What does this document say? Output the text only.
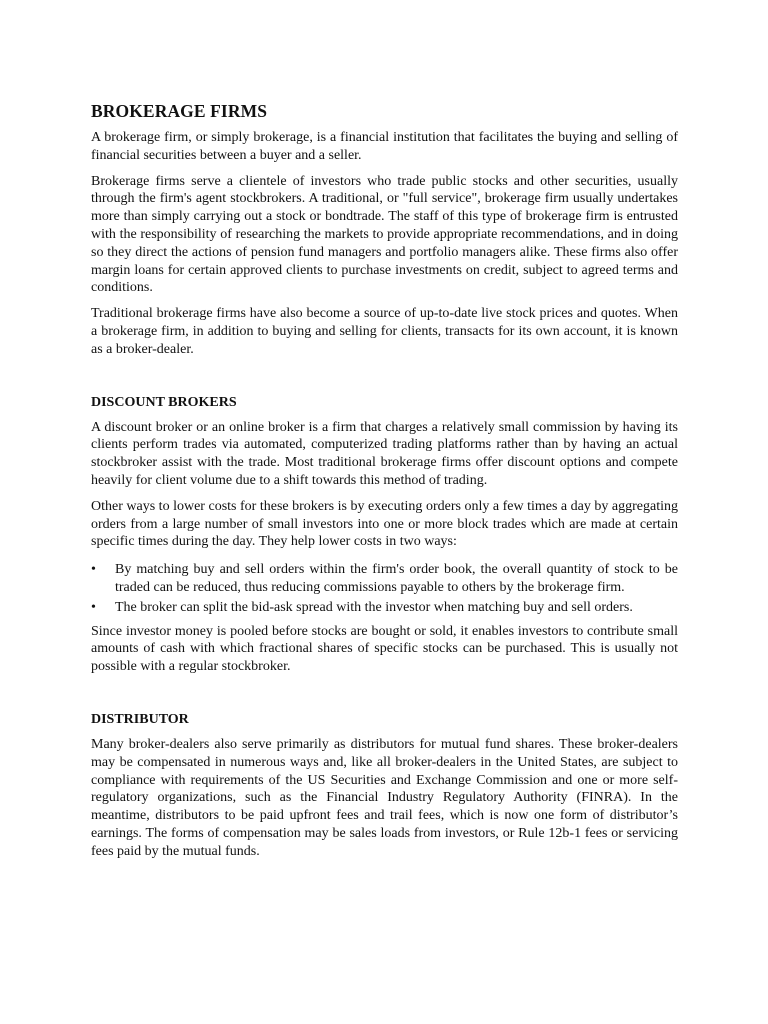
BROKERAGE FIRMS

A brokerage firm, or simply brokerage, is a financial institution that facilitates the buying and selling of financial securities between a buyer and a seller.

Brokerage firms serve a clientele of investors who trade public stocks and other securities, usually through the firm's agent stockbrokers. A traditional, or "full service", brokerage firm usually undertakes more than simply carrying out a stock or bondtrade. The staff of this type of brokerage firm is entrusted with the responsibility of researching the markets to provide appropriate recommendations, and in doing so they direct the actions of pension fund managers and portfolio managers alike. These firms also offer margin loans for certain approved clients to purchase investments on credit, subject to agreed terms and conditions.

Traditional brokerage firms have also become a source of up-to-date live stock prices and quotes. When a brokerage firm, in addition to buying and selling for clients, transacts for its own account, it is known as a broker-dealer.

DISCOUNT BROKERS

A discount broker or an online broker is a firm that charges a relatively small commission by having its clients perform trades via automated, computerized trading platforms rather than by having an actual stockbroker assist with the trade. Most traditional brokerage firms offer discount options and compete heavily for client volume due to a shift towards this method of trading.

Other ways to lower costs for these brokers is by executing orders only a few times a day by aggregating orders from a large number of small investors into one or more block trades which are made at certain specific times during the day. They help lower costs in two ways:

•	By matching buy and sell orders within the firm's order book, the overall quantity of stock to be traded can be reduced, thus reducing commissions payable to others by the brokerage firm.
•	The broker can split the bid-ask spread with the investor when matching buy and sell orders.

Since investor money is pooled before stocks are bought or sold, it enables investors to contribute small amounts of cash with which fractional shares of specific stocks can be purchased. This is usually not possible with a regular stockbroker.

DISTRIBUTOR

Many broker-dealers also serve primarily as distributors for mutual fund shares. These broker-dealers may be compensated in numerous ways and, like all broker-dealers in the United States, are subject to compliance with requirements of the US Securities and Exchange Commission and one or more self-regulatory organizations, such as the Financial Industry Regulatory Authority (FINRA). In the meantime, distributors to be paid upfront fees and trail fees, which is now one form of distributor’s earnings. The forms of compensation may be sales loads from investors, or Rule 12b-1 fees or servicing fees paid by the mutual funds.
